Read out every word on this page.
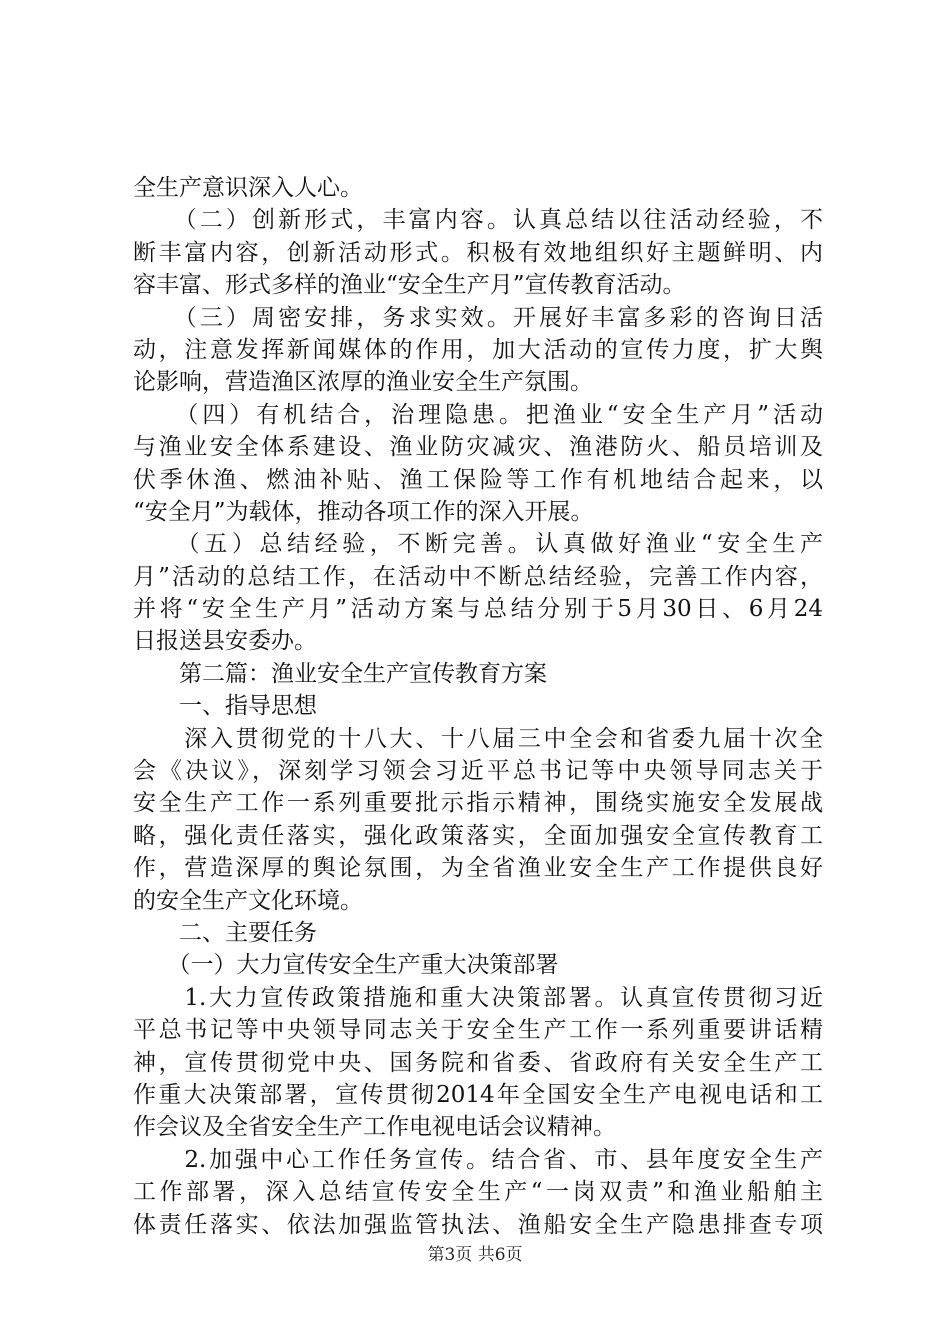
全生产意识深入人心。
　　（二）创新形式，丰富内容。认真总结以往活动经验，不
断丰富内容，创新活动形式。积极有效地组织好主题鲜明、内
容丰富、形式多样的渔业“安全生产月”宣传教育活动。
　　（三）周密安排，务求实效。开展好丰富多彩的咨询日活
动，注意发挥新闻媒体的作用，加大活动的宣传力度，扩大舆
论影响，营造渔区浓厚的渔业安全生产氛围。
　　（四）有机结合，治理隐患。把渔业“安全生产月”活动
与渔业安全体系建设、渔业防灾减灾、渔港防火、船员培训及
伏季休渔、燃油补贴、渔工保险等工作有机地结合起来，以
“安全月”为载体，推动各项工作的深入开展。
　　（五）总结经验，不断完善。认真做好渔业“安全生产
月”活动的总结工作，在活动中不断总结经验，完善工作内容，
并将“安全生产月”活动方案与总结分别于5月30日、6月24
日报送县安委办。
　　第二篇：渔业安全生产宣传教育方案
　　一、指导思想
　　深入贯彻党的十八大、十八届三中全会和省委九届十次全
会《决议》，深刻学习领会习近平总书记等中央领导同志关于
安全生产工作一系列重要批示指示精神，围绕实施安全发展战
略，强化责任落实，强化政策落实，全面加强安全宣传教育工
作，营造深厚的舆论氛围，为全省渔业安全生产工作提供良好
的安全生产文化环境。
　　二、主要任务
　　（一）大力宣传安全生产重大决策部署
　　1.大力宣传政策措施和重大决策部署。认真宣传贯彻习近
平总书记等中央领导同志关于安全生产工作一系列重要讲话精
神，宣传贯彻党中央、国务院和省委、省政府有关安全生产工
作重大决策部署，宣传贯彻2014年全国安全生产电视电话和工
作会议及全省安全生产工作电视电话会议精神。
　　2.加强中心工作任务宣传。结合省、市、县年度安全生产
工作部署，深入总结宣传安全生产“一岗双责”和渔业船舶主
体责任落实、依法加强监管执法、渔船安全生产隐患排查专项
第3页 共6页
